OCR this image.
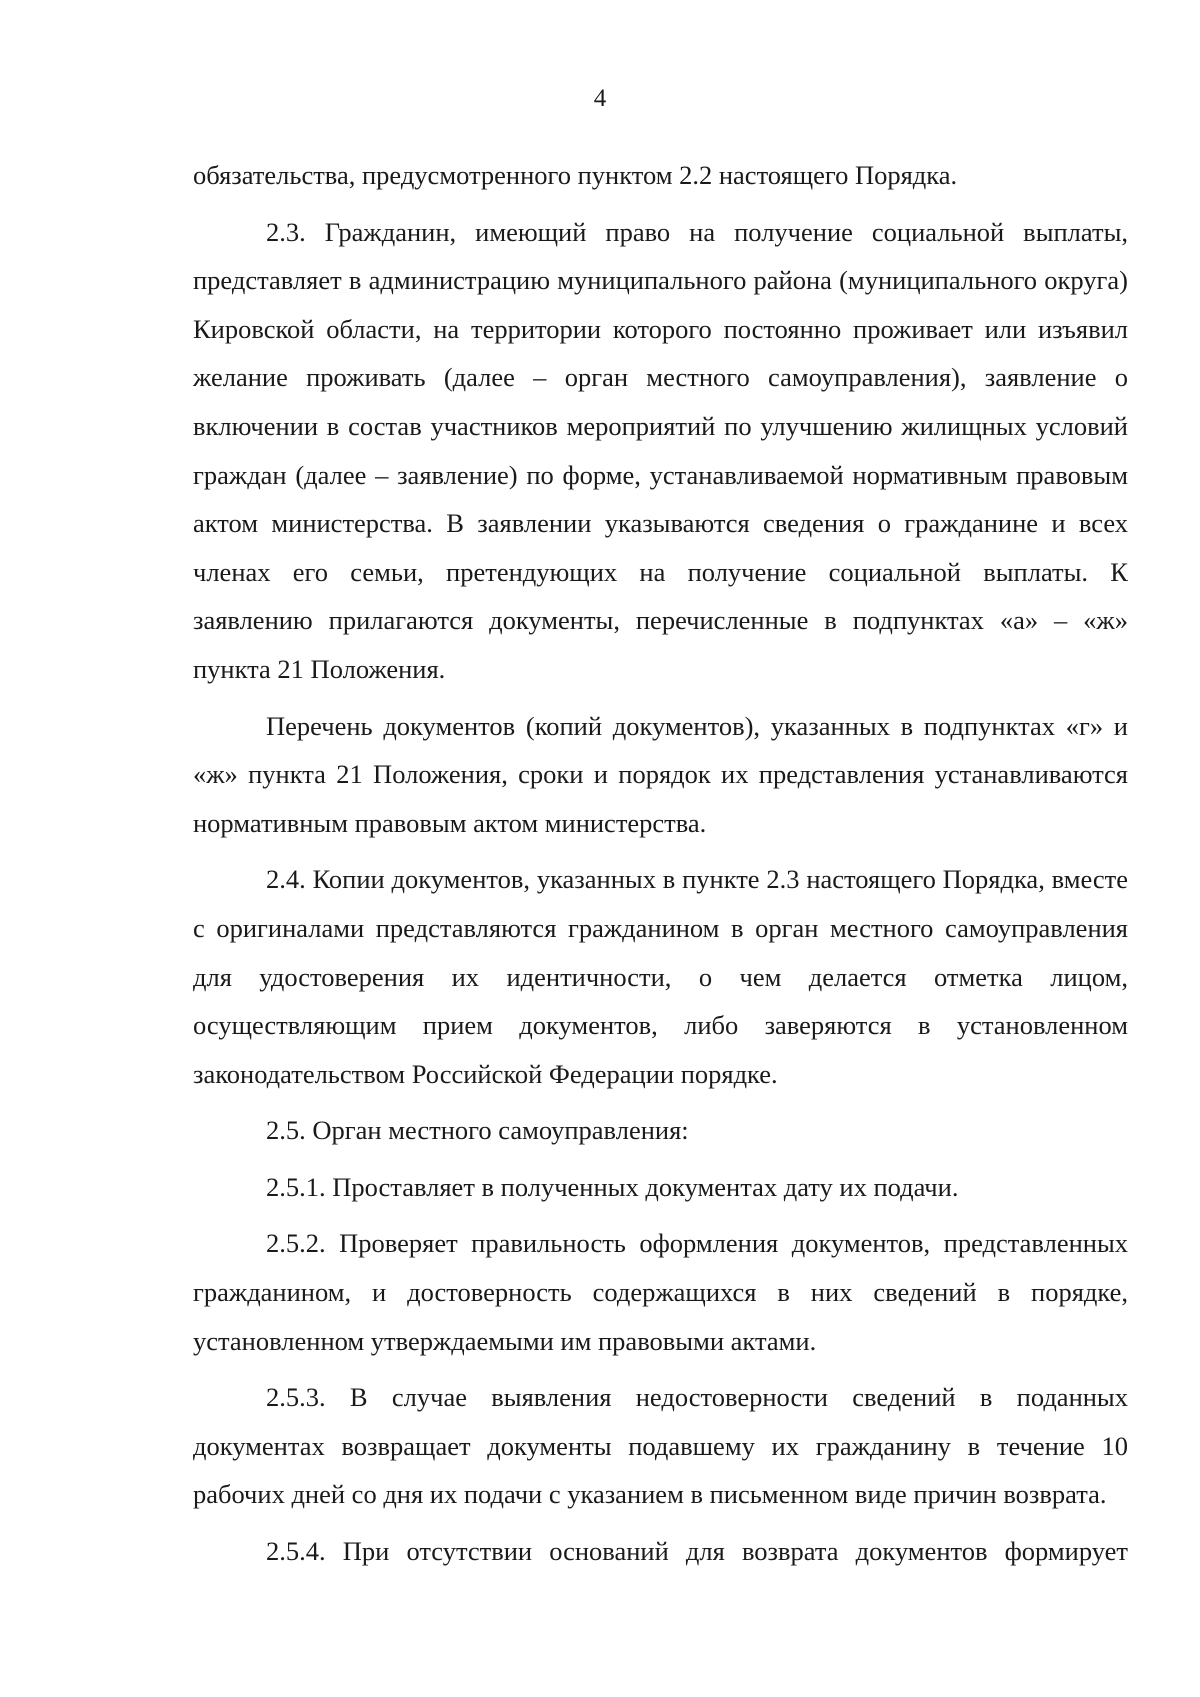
4

обязательства, предусмотренного пунктом 2.2 настоящего Порядка.

2.3. Гражданин, имеющий право на получение социальной выплаты, представляет в администрацию муниципального района (муниципального округа) Кировской области, на территории которого постоянно проживает или изъявил желание проживать (далее – орган местного самоуправления), заявление о включении в состав участников мероприятий по улучшению жилищных условий граждан (далее – заявление) по форме, устанавливаемой нормативным правовым актом министерства. В заявлении указываются сведения о гражданине и всех членах его семьи, претендующих на получение социальной выплаты. К заявлению прилагаются документы, перечисленные в подпунктах «а» – «ж» пункта 21 Положения.

Перечень документов (копий документов), указанных в подпунктах «г» и «ж» пункта 21 Положения, сроки и порядок их представления устанавливаются нормативным правовым актом министерства.

2.4. Копии документов, указанных в пункте 2.3 настоящего Порядка, вместе с оригиналами представляются гражданином в орган местного самоуправления для удостоверения их идентичности, о чем делается отметка лицом, осуществляющим прием документов, либо заверяются в установленном законодательством Российской Федерации порядке.

2.5. Орган местного самоуправления:

2.5.1. Проставляет в полученных документах дату их подачи.

2.5.2. Проверяет правильность оформления документов, представленных гражданином, и достоверность содержащихся в них сведений в порядке, установленном утверждаемыми им правовыми актами.

2.5.3. В случае выявления недостоверности сведений в поданных документах возвращает документы подавшему их гражданину в течение 10 рабочих дней со дня их подачи с указанием в письменном виде причин возврата.

2.5.4. При отсутствии оснований для возврата документов формирует
